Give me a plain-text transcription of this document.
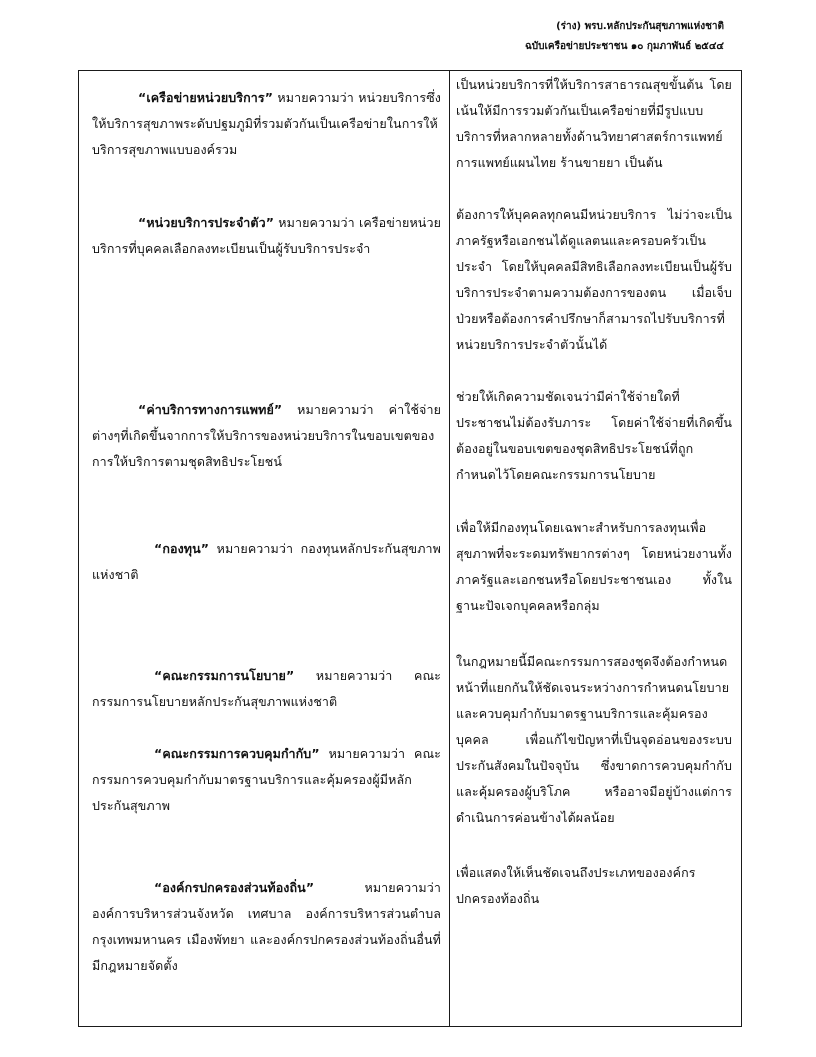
(ร่าง) พรบ.หลักประกันสุขภาพแห่งชาติ
ฉบับเครือข่ายประชาชน ๑๐ กุมภาพันธ์ ๒๕๔๔
“เครือข่ายหน่วยบริการ” หมายความว่า หน่วยบริการซึ่งให้บริการสุขภาพระดับปฐมภูมิที่รวมตัวกันเป็นเครือข่ายในการให้บริการสุขภาพแบบองค์รวม
เป็นหน่วยบริการที่ให้บริการสาธารณสุขขั้นต้น โดยเน้นให้มีการรวมตัวกันเป็นเครือข่ายที่มีรูปแบบบริการที่หลากหลายทั้งด้านวิทยาศาสตร์การแพทย์ การแพทย์แผนไทย ร้านขายยา เป็นต้น
“หน่วยบริการประจำตัว” หมายความว่า เครือข่ายหน่วยบริการที่บุคคลเลือกลงทะเบียนเป็นผู้รับบริการประจำ
ต้องการให้บุคคลทุกคนมีหน่วยบริการ ไม่ว่าจะเป็นภาครัฐหรือเอกชนได้ดูแลตนและครอบครัวเป็นประจำ โดยให้บุคคลมีสิทธิเลือกลงทะเบียนเป็นผู้รับบริการประจำตามความต้องการของตน เมื่อเจ็บป่วยหรือต้องการคำปรึกษาก็สามารถไปรับบริการที่หน่วยบริการประจำตัวนั้นได้
“ค่าบริการทางการแพทย์” หมายความว่า ค่าใช้จ่ายต่างๆที่เกิดขึ้นจากการให้บริการของหน่วยบริการในขอบเขตของการให้บริการตามชุดสิทธิประโยชน์
ช่วยให้เกิดความชัดเจนว่ามีค่าใช้จ่ายใดที่ประชาชนไม่ต้องรับภาระ โดยค่าใช้จ่ายที่เกิดขึ้นต้องอยู่ในขอบเขตของชุดสิทธิประโยชน์ที่ถูกกำหนดไว้โดยคณะกรรมการนโยบาย
“กองทุน” หมายความว่า กองทุนหลักประกันสุขภาพแห่งชาติ
เพื่อให้มีกองทุนโดยเฉพาะสำหรับการลงทุนเพื่อสุขภาพที่จะระดมทรัพยากรต่างๆ โดยหน่วยงานทั้งภาครัฐและเอกชนหรือโดยประชาชนเอง ทั้งในฐานะปัจเจกบุคคลหรือกลุ่ม
“คณะกรรมการนโยบาย” หมายความว่า คณะกรรมการนโยบายหลักประกันสุขภาพแห่งชาติ
“คณะกรรมการควบคุมกำกับ” หมายความว่า คณะกรรมการควบคุมกำกับมาตรฐานบริการและคุ้มครองผู้มีหลักประกันสุขภาพ
ในกฎหมายนี้มีคณะกรรมการสองชุดจึงต้องกำหนดหน้าที่แยกกันให้ชัดเจนระหว่างการกำหนดนโยบายและควบคุมกำกับมาตรฐานบริการและคุ้มครองบุคคล เพื่อแก้ไขปัญหาที่เป็นจุดอ่อนของระบบประกันสังคมในปัจจุบัน ซึ่งขาดการควบคุมกำกับและคุ้มครองผู้บริโภค หรืออาจมีอยู่บ้างแต่การดำเนินการค่อนข้างได้ผลน้อย
“องค์กรปกครองส่วนท้องถิ่น” หมายความว่า องค์การบริหารส่วนจังหวัด เทศบาล องค์การบริหารส่วนตำบล กรุงเทพมหานคร เมืองพัทยา และองค์กรปกครองส่วนท้องถิ่นอื่นที่มีกฎหมายจัดตั้ง
เพื่อแสดงให้เห็นชัดเจนถึงประเภทขององค์กรปกครองท้องถิ่น
